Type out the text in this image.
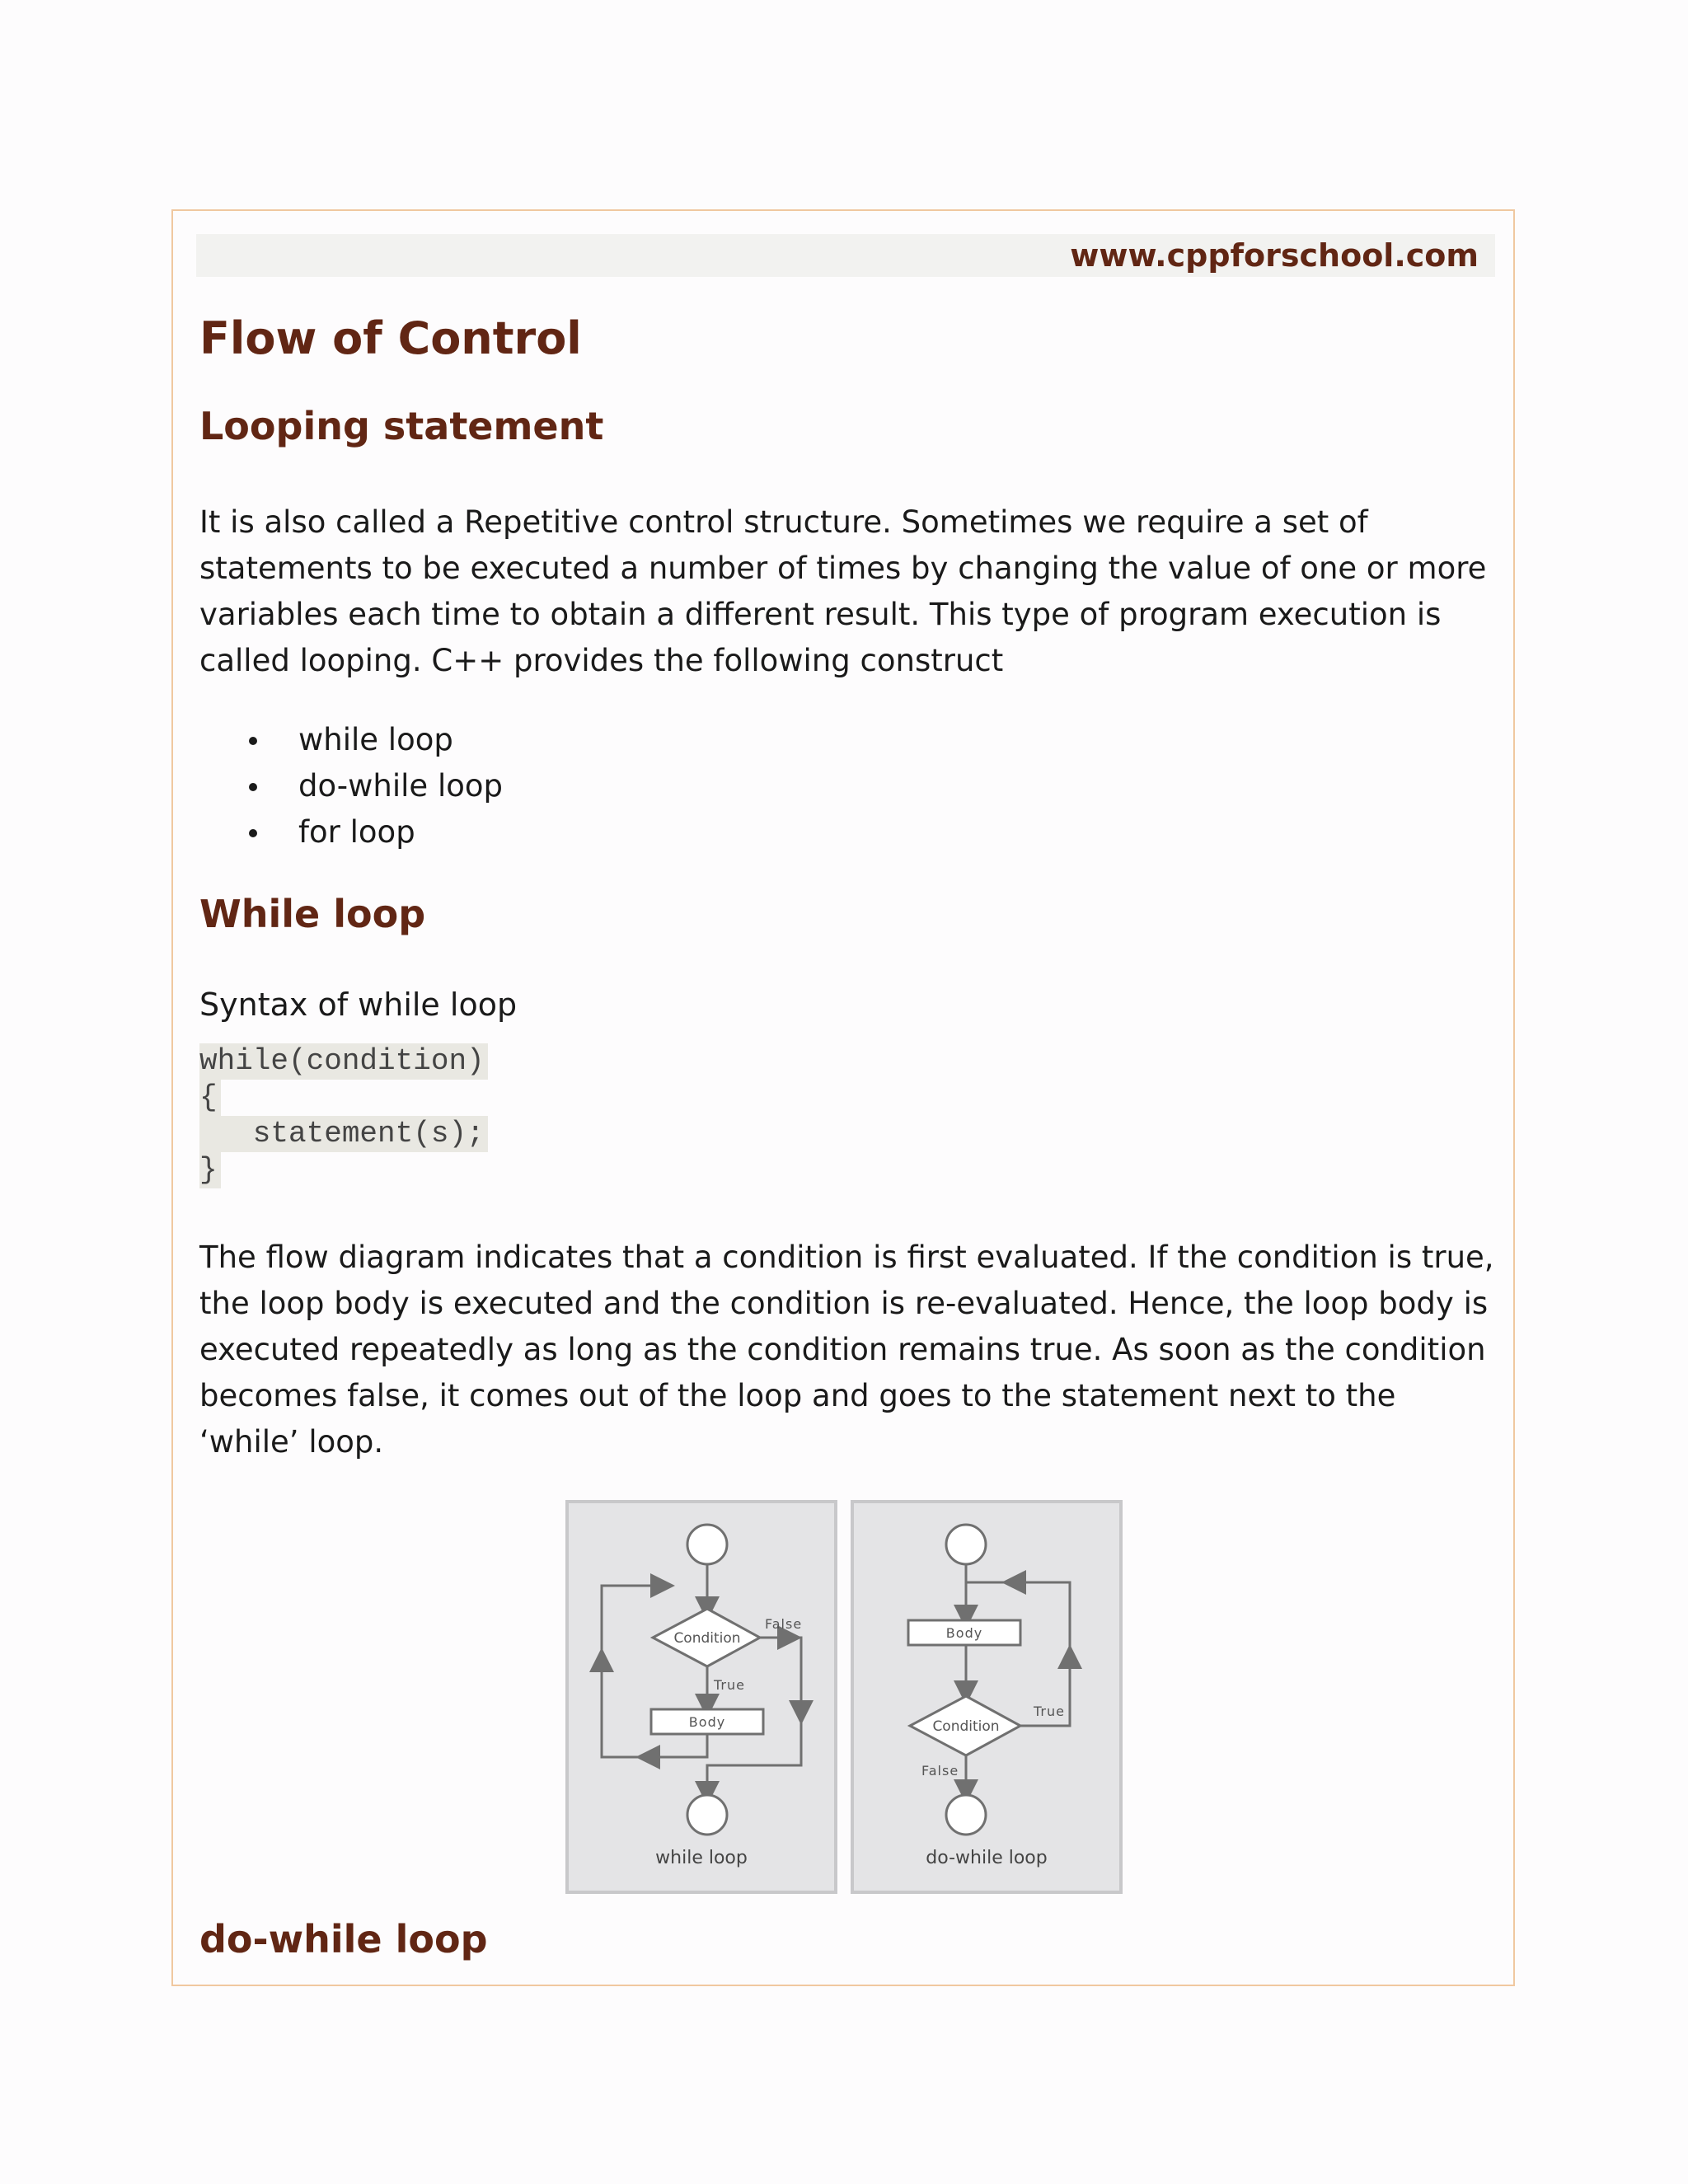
www.cppforschool.com
Flow of Control
Looping statement

It is also called a Repetitive control structure. Sometimes we require a set of statements to be executed a number of times by changing the value of one or more variables each time to obtain a different result. This type of program execution is called looping. C++ provides the following construct

while loop
do-while loop
for loop
While loop
Syntax of while loop
while(condition)
{
statement(s);
}

The flow diagram indicates that a condition is first evaluated. If the condition is true, the loop body is executed and the condition is re-evaluated. Hence, the loop body is executed repeatedly as long as the condition remains true. As soon as the condition becomes false, it comes out of the loop and goes to the statement next to the ‘while’ loop.

Condition
True
Body
False
while loop
Body
Condition
True
False
do-while loop
do-while loop
